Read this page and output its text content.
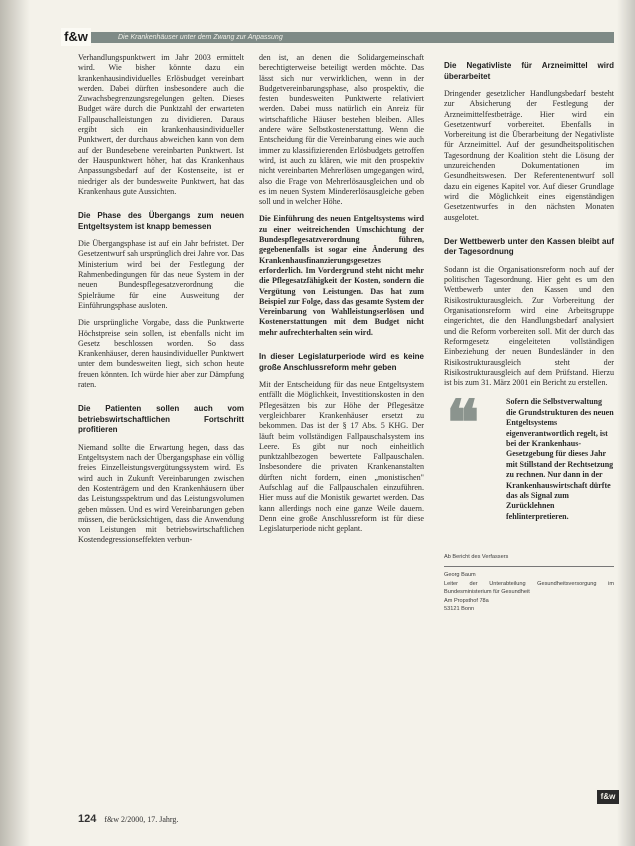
f&w	Die Krankenhäuser unter dem Zwang zur Anpassung

Verhandlungspunktwert im Jahr 2003 ermittelt wird. Wie bisher könnte dazu ein krankenhausindividuelles Erlösbudget vereinbart werden. Dabei dürften insbesondere auch die Zuwachsbegrenzungsregelungen gelten. Dieses Budget wäre durch die Punktzahl der erwarteten Fallpauschalleistungen zu dividieren. Daraus ergibt sich ein krankenhausindividueller Punktwert, der durchaus abweichen kann von dem auf der Bundesebene vereinbarten Punktwert. Ist der Hauspunktwert höher, hat das Krankenhaus Anpassungsbedarf auf der Kostenseite, ist er niedriger als der bundesweite Punktwert, hat das Krankenhaus gute Aussichten.

Die Phase des Übergangs zum neuen Entgeltsystem ist knapp bemessen

Die Übergangsphase ist auf ein Jahr befristet. Der Gesetzentwurf sah ursprünglich drei Jahre vor. Das Ministerium wird bei der Festlegung der Rahmenbedingungen für das neue System in der neuen Bundespflegesatzverordnung die Spielräume für eine Ausweitung der Einführungsphase ausloten.

Die ursprüngliche Vorgabe, dass die Punktwerte Höchstpreise sein sollen, ist ebenfalls nicht im Gesetz beschlossen worden. So dass Krankenhäuser, deren hausindividueller Punktwert unter dem bundesweiten liegt, sich schon heute freuen könnten. Ich würde hier aber zur Dämpfung raten.

Die Patienten sollen auch vom betriebswirtschaftlichen Fortschritt profitieren

Niemand sollte die Erwartung hegen, dass das Entgeltsystem nach der Übergangsphase ein völlig freies Einzelleistungsvergütungssystem wird. Es wird auch in Zukunft Vereinbarungen zwischen den Kostenträgern und den Krankenhäusern über das Leistungsspektrum und das Leistungsvolumen geben müssen. Und es wird Vereinbarungen geben müssen, die berücksichtigen, dass die Anwendung von Leistungen mit betriebswirtschaftlichen Kostendegressionseffekten verbun-

den ist, an denen die Solidargemeinschaft berechtigterweise beteiligt werden möchte. Das lässt sich nur verwirklichen, wenn in der Budgetvereinbarungsphase, also prospektiv, die festen bundesweiten Punktwerte relativiert werden. Dabei muss natürlich ein Anreiz für wirtschaftliche Häuser bestehen bleiben. Alles andere wäre Selbstkostenerstattung. Wenn die Entscheidung für die Vereinbarung eines wie auch immer zu klassifizierenden Erlösbudgets getroffen wird, ist auch zu klären, wie mit den prospektiv nicht vereinbarten Mehrerlösen umgegangen wird, also die Frage von Mehrerlösausgleichen und ob es im neuen System Mindererlösausgleiche geben soll und in welcher Höhe.

Die Einführung des neuen Entgeltsystems wird zu einer weitreichenden Umschichtung der Bundespflegesatzverordnung führen, gegebenenfalls ist sogar eine Änderung des Krankenhausfinanzierungsgesetzes erforderlich. Im Vordergrund steht nicht mehr die Pflegesatzfähigkeit der Kosten, sondern die Vergütung von Leistungen. Das hat zum Beispiel zur Folge, dass das gesamte System der Vereinbarung von Wahlleistungserlösen und Kostenerstattungen mit dem Budget nicht mehr aufrechterhalten sein wird.

In dieser Legislaturperiode wird es keine große Anschlussreform mehr geben

Mit der Entscheidung für das neue Entgeltsystem entfällt die Möglichkeit, Investitionskosten in den Pflegesätzen bis zur Höhe der Pflegesätze vergleichbarer Krankenhäuser ersetzt zu bekommen. Das ist der § 17 Abs. 5 KHG. Der läuft beim vollständigen Fallpauschalsystem ins Leere. Es gibt nur noch einheitlich punktzahlbezogen bewertete Fallpauschalen. Insbesondere die privaten Krankenanstalten dürften nicht fordern, einen „monistischen" Aufschlag auf die Fallpauschalen einzuführen. Hier muss auf die Monistik gewartet werden. Das kann allerdings noch eine ganze Weile dauern. Denn eine große Anschlussreform ist für diese Legislaturperiode nicht geplant.

Die Negativliste für Arzneimittel wird überarbeitet

Dringender gesetzlicher Handlungsbedarf besteht zur Absicherung der Festlegung der Arzneimittelfestbeträge. Hier wird ein Gesetzentwurf vorbereitet. Ebenfalls in Vorbereitung ist die Überarbeitung der Negativliste für Arzneimittel. Auf der gesundheitspolitischen Tagesordnung der Koalition steht die Lösung der unzureichenden Dokumentationen im Gesundheitswesen. Der Referentenentwurf soll dazu ein eigenes Kapitel vor. Auf dieser Grundlage wird die Möglichkeit eines eigenständigen Gesetzentwurfes in den nächsten Monaten ausgelotet.

Der Wettbewerb unter den Kassen bleibt auf der Tagesordnung

Sodann ist die Organisationsreform noch auf der politischen Tagesordnung. Hier geht es um den Wettbewerb unter den Kassen und den Risikostrukturausgleich. Zur Vorbereitung der Organisationsreform wird eine Arbeitsgruppe eingerichtet, die den Handlungsbedarf analysiert und die Reform vorbereiten soll. Mit der durch das Reformgesetz eingeleiteten vollständigen Einbeziehung der neuen Bundesländer in den Risikostrukturausgleich steht der Risikostrukturausgleich auf dem Prüfstand. Hierzu ist bis zum 31. März 2001 ein Bericht zu erstellen.

❝	Sofern die Selbstverwaltung die Grundstrukturen des neuen Entgeltsystems eigenverantwortlich regelt, ist bei der Krankenhaus-Gesetzgebung für dieses Jahr mit Stillstand der Rechtsetzung zu rechnen. Nur dann in der Krankenhauswirtschaft dürfte das als Signal zum Zurücklehnen fehlinterpretieren.
Ab Bericht des Verfassers
Georg Baum
Leiter der Unterabteilung Gesundheitsversorgung im Bundesministerium für Gesundheit
Am Propsthof 78a
53121 Bonn
f&w
124 f&w 2/2000, 17. Jahrg.
